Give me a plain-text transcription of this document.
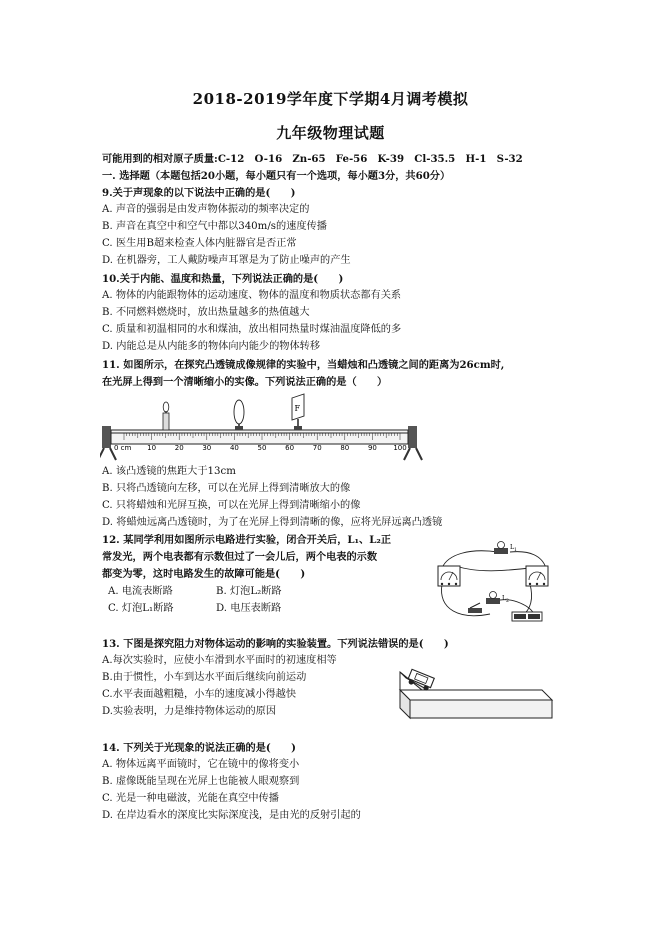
2018-2019学年度下学期4月调考模拟
九年级物理试题
可能用到的相对原子质量:C-12　O-16　Zn-65　Fe-56　K-39　Cl-35.5　H-1　S-32
一. 选择题（本题包括20小题，每小题只有一个选项，每小题3分，共60分）
9.关于声现象的以下说法中正确的是(　　)
A. 声音的强弱是由发声物体振动的频率决定的
B. 声音在真空中和空气中都以340m/s的速度传播
C. 医生用B超来检查人体内脏器官是否正常
D. 在机器旁，工人戴防噪声耳罩是为了防止噪声的产生
10.关于内能、温度和热量，下列说法正确的是(　　)
A. 物体的内能跟物体的运动速度、物体的温度和物质状态都有关系
B. 不同燃料燃烧时，放出热量越多的热值越大
C. 质量和初温相同的水和煤油，放出相同热量时煤油温度降低的多
D. 内能总是从内能多的物体向内能少的物体转移
11. 如图所示，在探究凸透镜成像规律的实验中，当蜡烛和凸透镜之间的距离为26cm时,
在光屏上得到一个清晰缩小的实像。下列说法正确的是（　　）
0 cm 10	20	30	40	50	60	70	80	90 100
F
A. 该凸透镜的焦距大于13cm
B. 只将凸透镜向左移，可以在光屏上得到清晰放大的像
C. 只将蜡烛和光屏互换，可以在光屏上得到清晰缩小的像
D. 将蜡烛远离凸透镜时，为了在光屏上得到清晰的像，应将光屏远离凸透镜
12. 某同学利用如图所示电路进行实验，闭合开关后，L₁、L₂正
常发光，两个电表都有示数但过了一会儿后，两个电表的示数
都变为零，这时电路发生的故障可能是(　　)
A. 电流表断路	B. 灯泡L₂断路
C. 灯泡L₁断路	D. 电压表断路
L 1
L 2
13. 下图是探究阻力对物体运动的影响的实验装置。下列说法错误的是(　　)
A.每次实验时，应使小车滑到水平面时的初速度相等
B.由于惯性，小车到达水平面后继续向前运动
C.水平表面越粗糙，小车的速度减小得越快
D.实验表明，力是维持物体运动的原因
14. 下列关于光现象的说法正确的是(　　)
A. 物体远离平面镜时，它在镜中的像将变小
B. 虚像既能呈现在光屏上也能被人眼观察到
C. 光是一种电磁波，光能在真空中传播
D. 在岸边看水的深度比实际深度浅，是由光的反射引起的
